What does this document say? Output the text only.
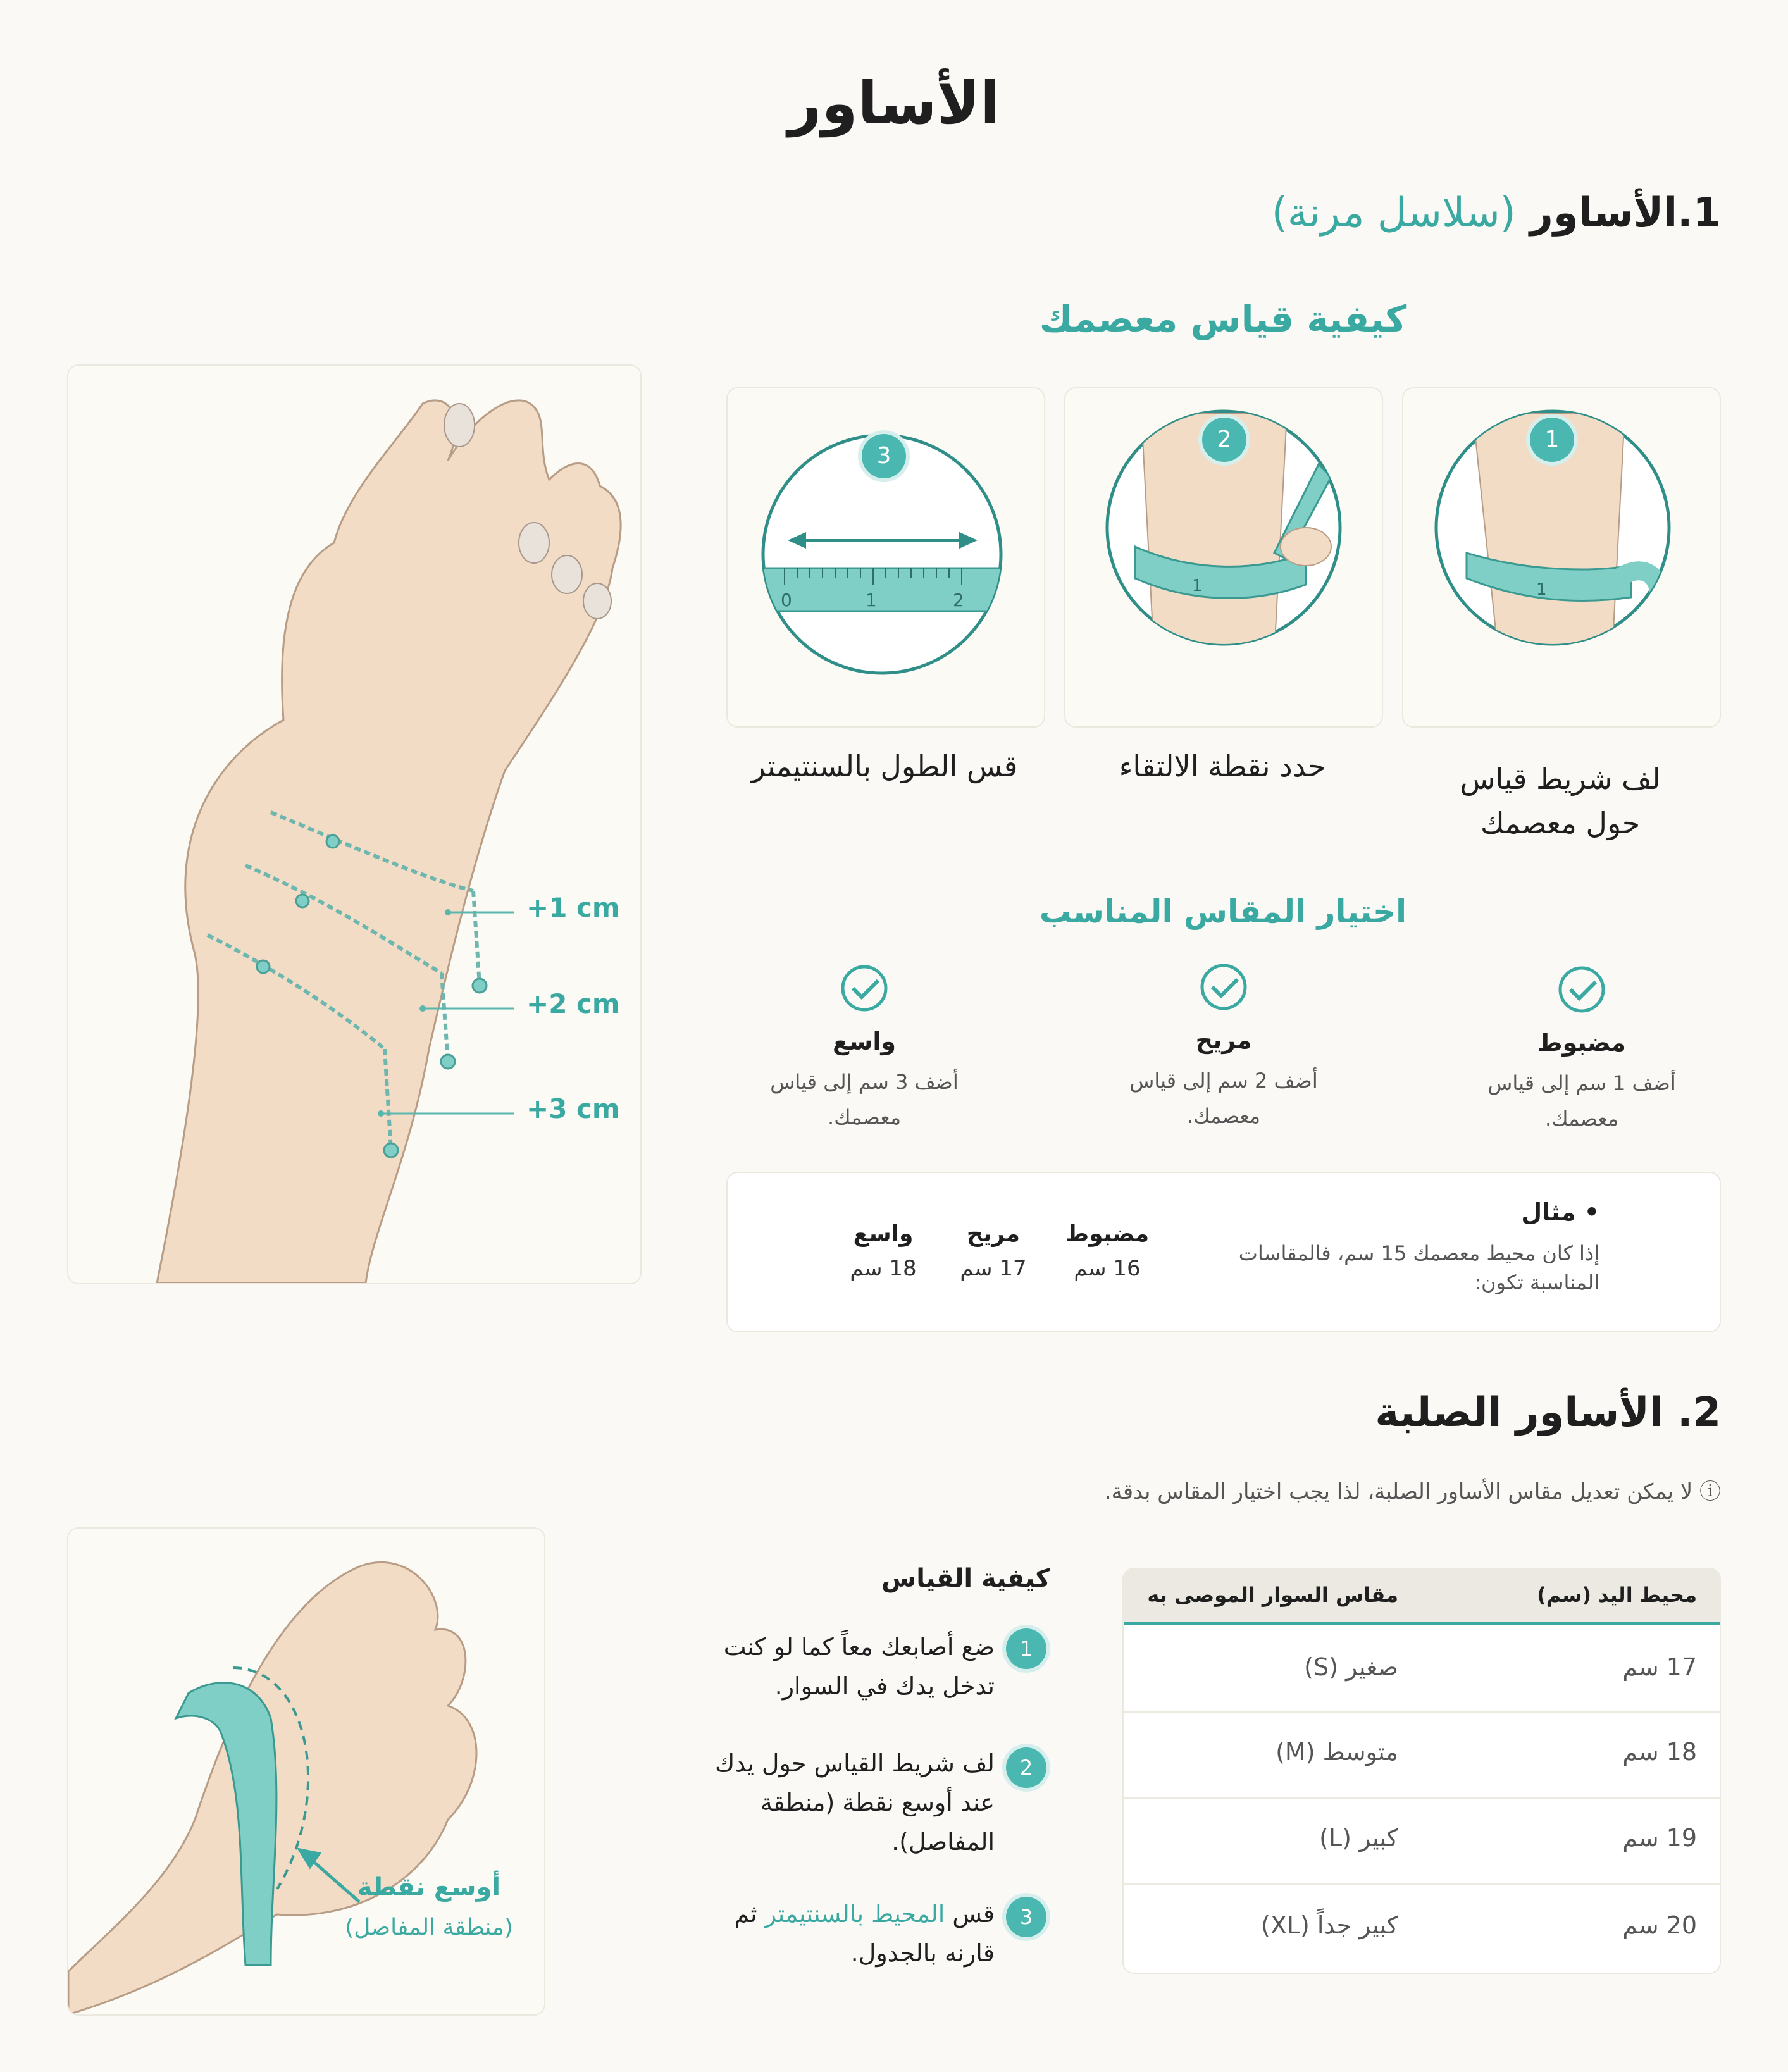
الأساور
1.الأساور (سلاسل مرنة)
+1 cm
+2 cm
+3 cm
كيفية قياس معصمك
1
1
1
2
0	1	2
3
لف شريط قياس
حول معصمك
حدد نقطة الالتقاء
قس الطول بالسنتيمتر
اختيار المقاس المناسب
مضبوط
أضف 1 سم إلى قياس
معصمك.
مريح
أضف 2 سم إلى قياس
معصمك.
واسع
أضف 3 سم إلى قياس
معصمك.
• مثال
إذا كان محيط معصمك 15 سم، فالمقاسات
المناسبة تكون:
مضبوط
16 سم
مريح
17 سم
واسع
18 سم
2. الأساور الصلبة
ⓘ لا يمكن تعديل مقاس الأساور الصلبة، لذا يجب اختيار المقاس بدقة.
أوسع نقطة
(منطقة المفاصل)
كيفية القياس
1
ضع أصابعك معاً كما لو كنت
تدخل يدك في السوار.
2
لف شريط القياس حول يدك
عند أوسع نقطة (منطقة
المفاصل).
3
قس المحيط بالسنتيمتر ثم
قارنه بالجدول.
محيط اليد (سم)
مقاس السوار الموصى به
17 سم
صغير (S)
18 سم
متوسط (M)
19 سم
كبير (L)
20 سم
كبير جداً (XL)
